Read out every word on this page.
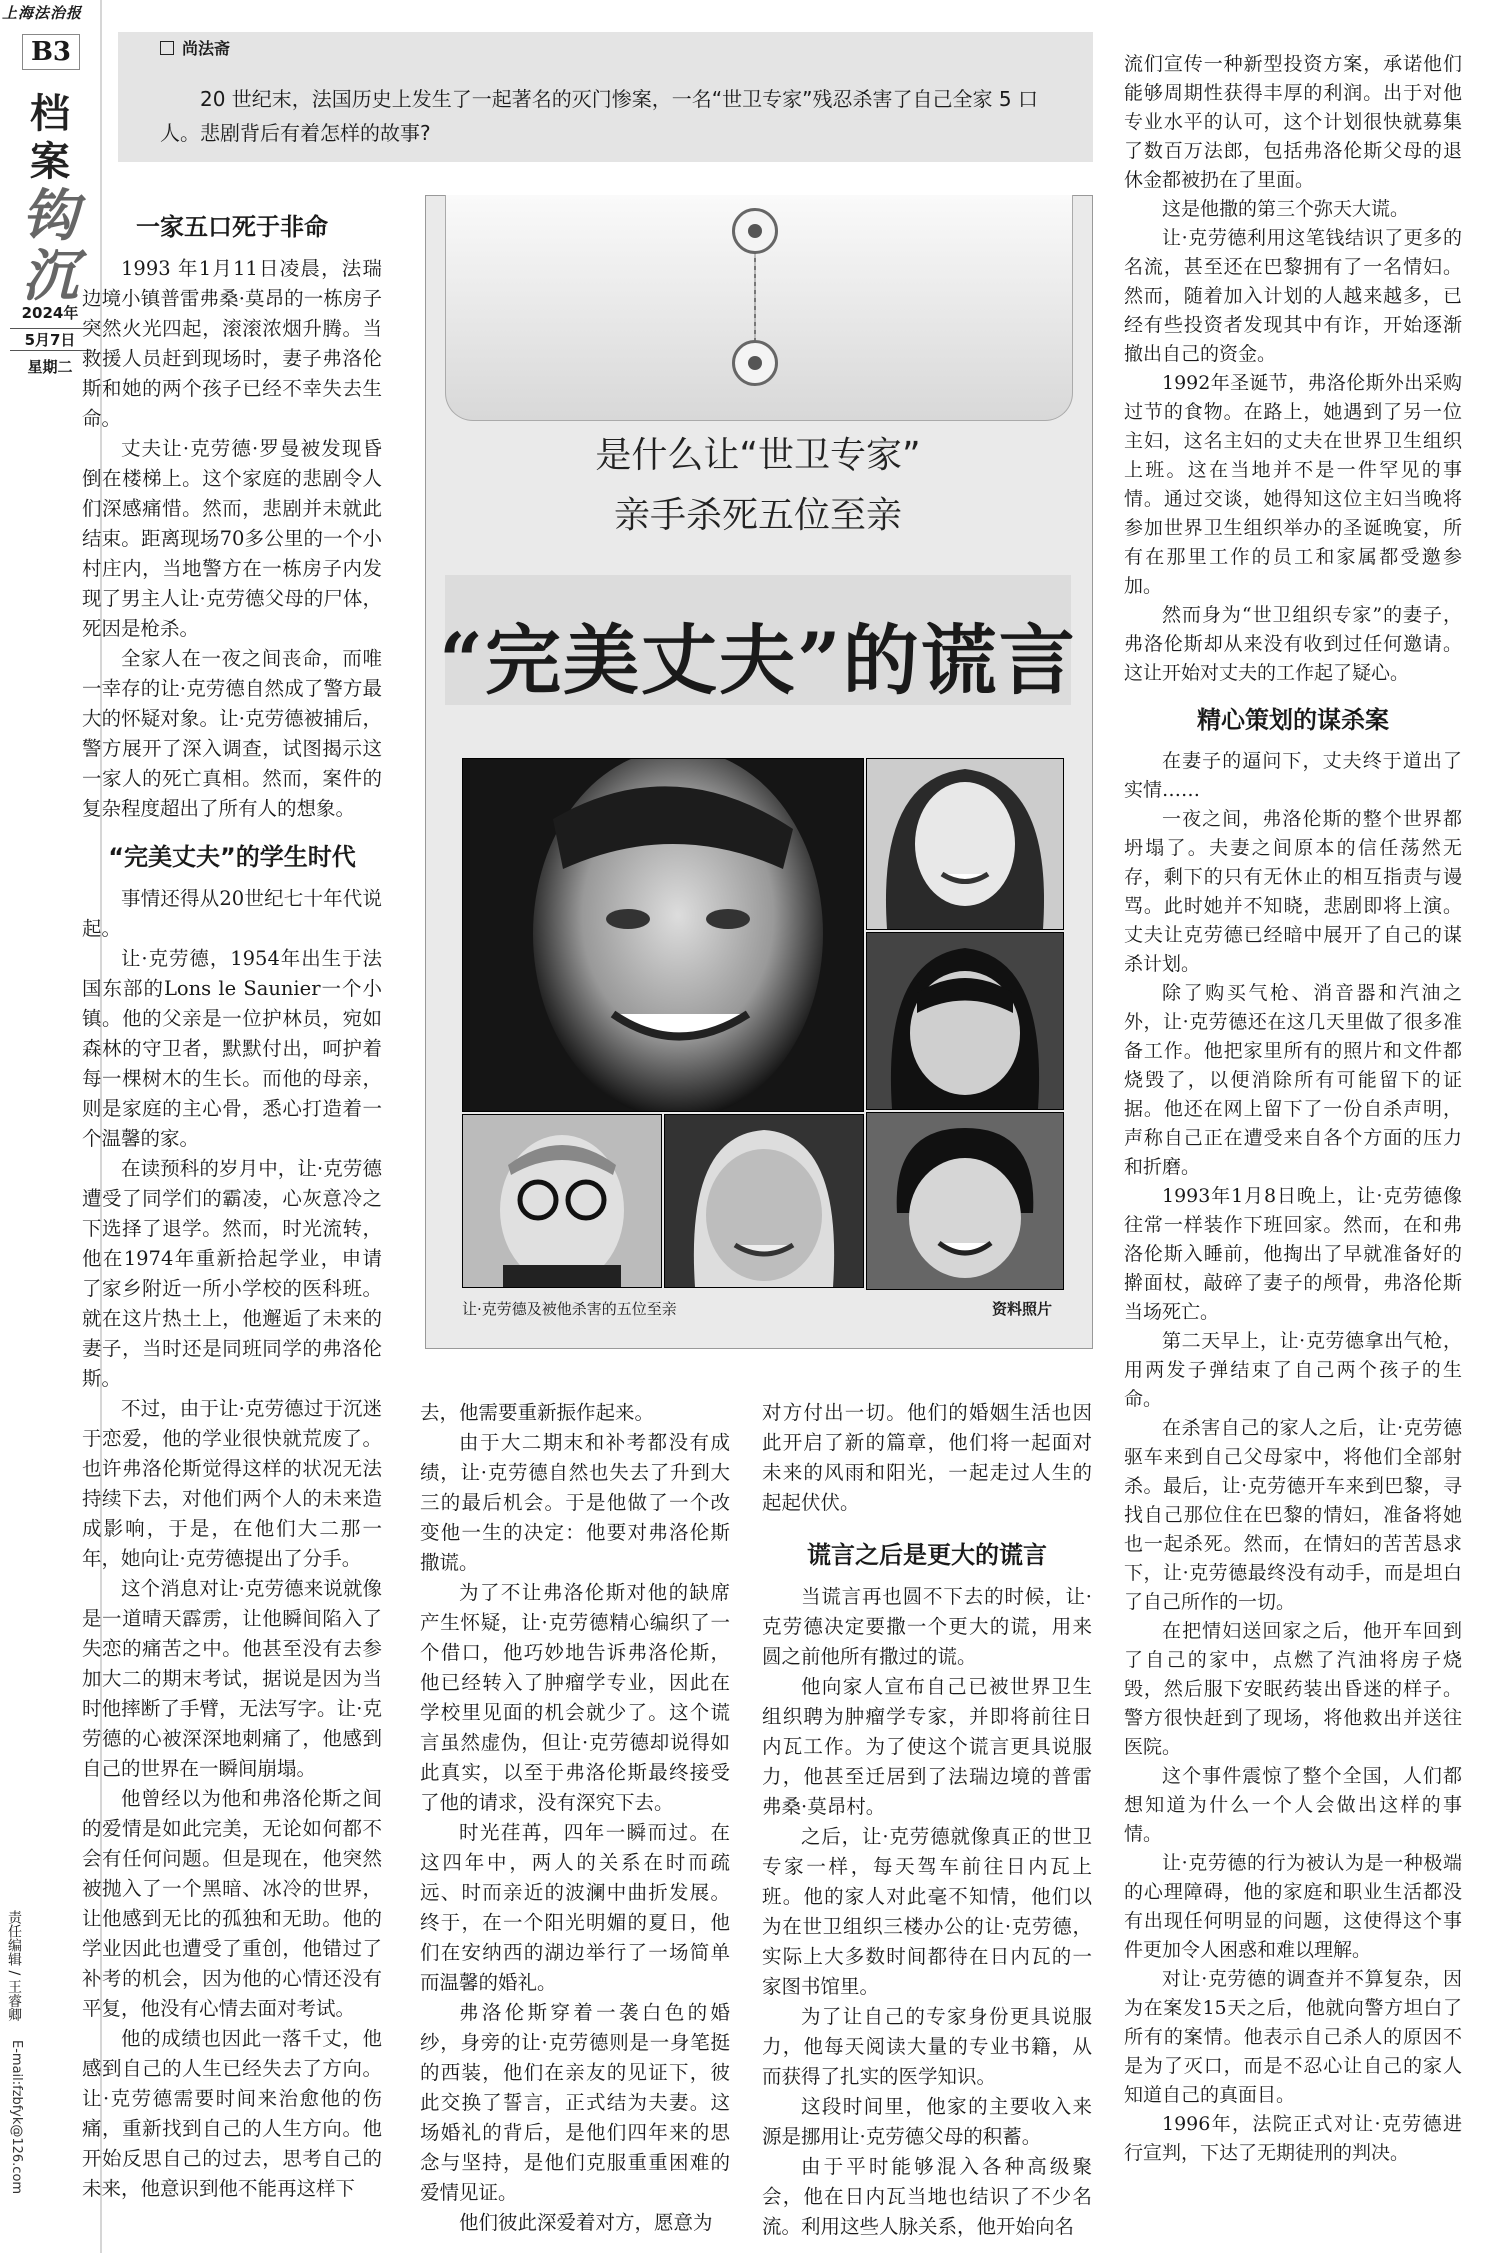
上海法治报
B3
档
案
钩
沉
2024年
5月7日
星期二
责任编辑 / 王睿卿
E-mail:fzbfyk@126.com
尚法斋
20 世纪末，法国历史上发生了一起著名的灭门惨案，一名“世卫专家”残忍杀害了自己全家 5 口人。悲剧背后有着怎样的故事?
是什么让“世卫专家”
亲手杀死五位至亲
“完美丈夫”的谎言
让·克劳德及被他杀害的五位至亲	资料照片
一家五口死于非命

1993 年1月11日凌晨，法瑞边境小镇普雷弗桑·莫昂的一栋房子突然火光四起，滚滚浓烟升腾。当救援人员赶到现场时，妻子弗洛伦斯和她的两个孩子已经不幸失去生命。

丈夫让·克劳德·罗曼被发现昏倒在楼梯上。这个家庭的悲剧令人们深感痛惜。然而，悲剧并未就此结束。距离现场70多公里的一个小村庄内，当地警方在一栋房子内发现了男主人让·克劳德父母的尸体，死因是枪杀。

全家人在一夜之间丧命，而唯一幸存的让·克劳德自然成了警方最大的怀疑对象。让·克劳德被捕后，警方展开了深入调查，试图揭示这一家人的死亡真相。然而，案件的复杂程度超出了所有人的想象。

“完美丈夫”的学生时代

事情还得从20世纪七十年代说起。

让·克劳德，1954年出生于法国东部的Lons le Saunier一个小镇。他的父亲是一位护林员，宛如森林的守卫者，默默付出，呵护着每一棵树木的生长。而他的母亲，则是家庭的主心骨，悉心打造着一个温馨的家。

在读预科的岁月中，让·克劳德遭受了同学们的霸凌，心灰意冷之下选择了退学。然而，时光流转，他在1974年重新拾起学业，申请了家乡附近一所小学校的医科班。就在这片热土上，他邂逅了未来的妻子，当时还是同班同学的弗洛伦斯。

不过，由于让·克劳德过于沉迷于恋爱，他的学业很快就荒废了。也许弗洛伦斯觉得这样的状况无法持续下去，对他们两个人的未来造成影响，于是，在他们大二那一年，她向让·克劳德提出了分手。

这个消息对让·克劳德来说就像是一道晴天霹雳，让他瞬间陷入了失恋的痛苦之中。他甚至没有去参加大二的期末考试，据说是因为当时他摔断了手臂，无法写字。让·克劳德的心被深深地刺痛了，他感到自己的世界在一瞬间崩塌。

他曾经以为他和弗洛伦斯之间的爱情是如此完美，无论如何都不会有任何问题。但是现在，他突然被抛入了一个黑暗、冰冷的世界，让他感到无比的孤独和无助。他的学业因此也遭受了重创，他错过了补考的机会，因为他的心情还没有平复，他没有心情去面对考试。

他的成绩也因此一落千丈，他感到自己的人生已经失去了方向。让·克劳德需要时间来治愈他的伤痛，重新找到自己的人生方向。他开始反思自己的过去，思考自己的未来，他意识到他不能再这样下

去，他需要重新振作起来。

由于大二期末和补考都没有成绩，让·克劳德自然也失去了升到大三的最后机会。于是他做了一个改变他一生的决定：他要对弗洛伦斯撒谎。

为了不让弗洛伦斯对他的缺席产生怀疑，让·克劳德精心编织了一个借口，他巧妙地告诉弗洛伦斯，他已经转入了肿瘤学专业，因此在学校里见面的机会就少了。这个谎言虽然虚伪，但让·克劳德却说得如此真实，以至于弗洛伦斯最终接受了他的请求，没有深究下去。

时光荏苒，四年一瞬而过。在这四年中，两人的关系在时而疏远、时而亲近的波澜中曲折发展。终于，在一个阳光明媚的夏日，他们在安纳西的湖边举行了一场简单而温馨的婚礼。

弗洛伦斯穿着一袭白色的婚纱，身旁的让·克劳德则是一身笔挺的西装，他们在亲友的见证下，彼此交换了誓言，正式结为夫妻。这场婚礼的背后，是他们四年来的思念与坚持，是他们克服重重困难的爱情见证。

他们彼此深爱着对方，愿意为

对方付出一切。他们的婚姻生活也因此开启了新的篇章，他们将一起面对未来的风雨和阳光，一起走过人生的起起伏伏。

谎言之后是更大的谎言

当谎言再也圆不下去的时候，让·克劳德决定要撒一个更大的谎，用来圆之前他所有撒过的谎。

他向家人宣布自己已被世界卫生组织聘为肿瘤学专家，并即将前往日内瓦工作。为了使这个谎言更具说服力，他甚至迁居到了法瑞边境的普雷弗桑·莫昂村。

之后，让·克劳德就像真正的世卫专家一样，每天驾车前往日内瓦上班。他的家人对此毫不知情，他们以为在世卫组织三楼办公的让·克劳德，实际上大多数时间都待在日内瓦的一家图书馆里。

为了让自己的专家身份更具说服力，他每天阅读大量的专业书籍，从而获得了扎实的医学知识。

这段时间里，他家的主要收入来源是挪用让·克劳德父母的积蓄。

由于平时能够混入各种高级聚会，他在日内瓦当地也结识了不少名流。利用这些人脉关系，他开始向名

流们宣传一种新型投资方案，承诺他们能够周期性获得丰厚的利润。出于对他专业水平的认可，这个计划很快就募集了数百万法郎，包括弗洛伦斯父母的退休金都被扔在了里面。

这是他撒的第三个弥天大谎。

让·克劳德利用这笔钱结识了更多的名流，甚至还在巴黎拥有了一名情妇。然而，随着加入计划的人越来越多，已经有些投资者发现其中有诈，开始逐渐撤出自己的资金。

1992年圣诞节，弗洛伦斯外出采购过节的食物。在路上，她遇到了另一位主妇，这名主妇的丈夫在世界卫生组织上班。这在当地并不是一件罕见的事情。通过交谈，她得知这位主妇当晚将参加世界卫生组织举办的圣诞晚宴，所有在那里工作的员工和家属都受邀参加。

然而身为“世卫组织专家”的妻子，弗洛伦斯却从来没有收到过任何邀请。这让开始对丈夫的工作起了疑心。

精心策划的谋杀案

在妻子的逼问下，丈夫终于道出了实情……

一夜之间，弗洛伦斯的整个世界都坍塌了。夫妻之间原本的信任荡然无存，剩下的只有无休止的相互指责与谩骂。此时她并不知晓，悲剧即将上演。丈夫让克劳德已经暗中展开了自己的谋杀计划。

除了购买气枪、消音器和汽油之外，让·克劳德还在这几天里做了很多准备工作。他把家里所有的照片和文件都烧毁了，以便消除所有可能留下的证据。他还在网上留下了一份自杀声明，声称自己正在遭受来自各个方面的压力和折磨。

1993年1月8日晚上，让·克劳德像往常一样装作下班回家。然而，在和弗洛伦斯入睡前，他掏出了早就准备好的擀面杖，敲碎了妻子的颅骨，弗洛伦斯当场死亡。

第二天早上，让·克劳德拿出气枪，用两发子弹结束了自己两个孩子的生命。

在杀害自己的家人之后，让·克劳德驱车来到自己父母家中，将他们全部射杀。最后，让·克劳德开车来到巴黎，寻找自己那位住在巴黎的情妇，准备将她也一起杀死。然而，在情妇的苦苦恳求下，让·克劳德最终没有动手，而是坦白了自己所作的一切。

在把情妇送回家之后，他开车回到了自己的家中，点燃了汽油将房子烧毁，然后服下安眠药装出昏迷的样子。警方很快赶到了现场，将他救出并送往医院。

这个事件震惊了整个全国，人们都想知道为什么一个人会做出这样的事情。

让·克劳德的行为被认为是一种极端的心理障碍，他的家庭和职业生活都没有出现任何明显的问题，这使得这个事件更加令人困惑和难以理解。

对让·克劳德的调查并不算复杂，因为在案发15天之后，他就向警方坦白了所有的案情。他表示自己杀人的原因不是为了灭口，而是不忍心让自己的家人知道自己的真面目。

1996年，法院正式对让·克劳德进行宣判，下达了无期徒刑的判决。
